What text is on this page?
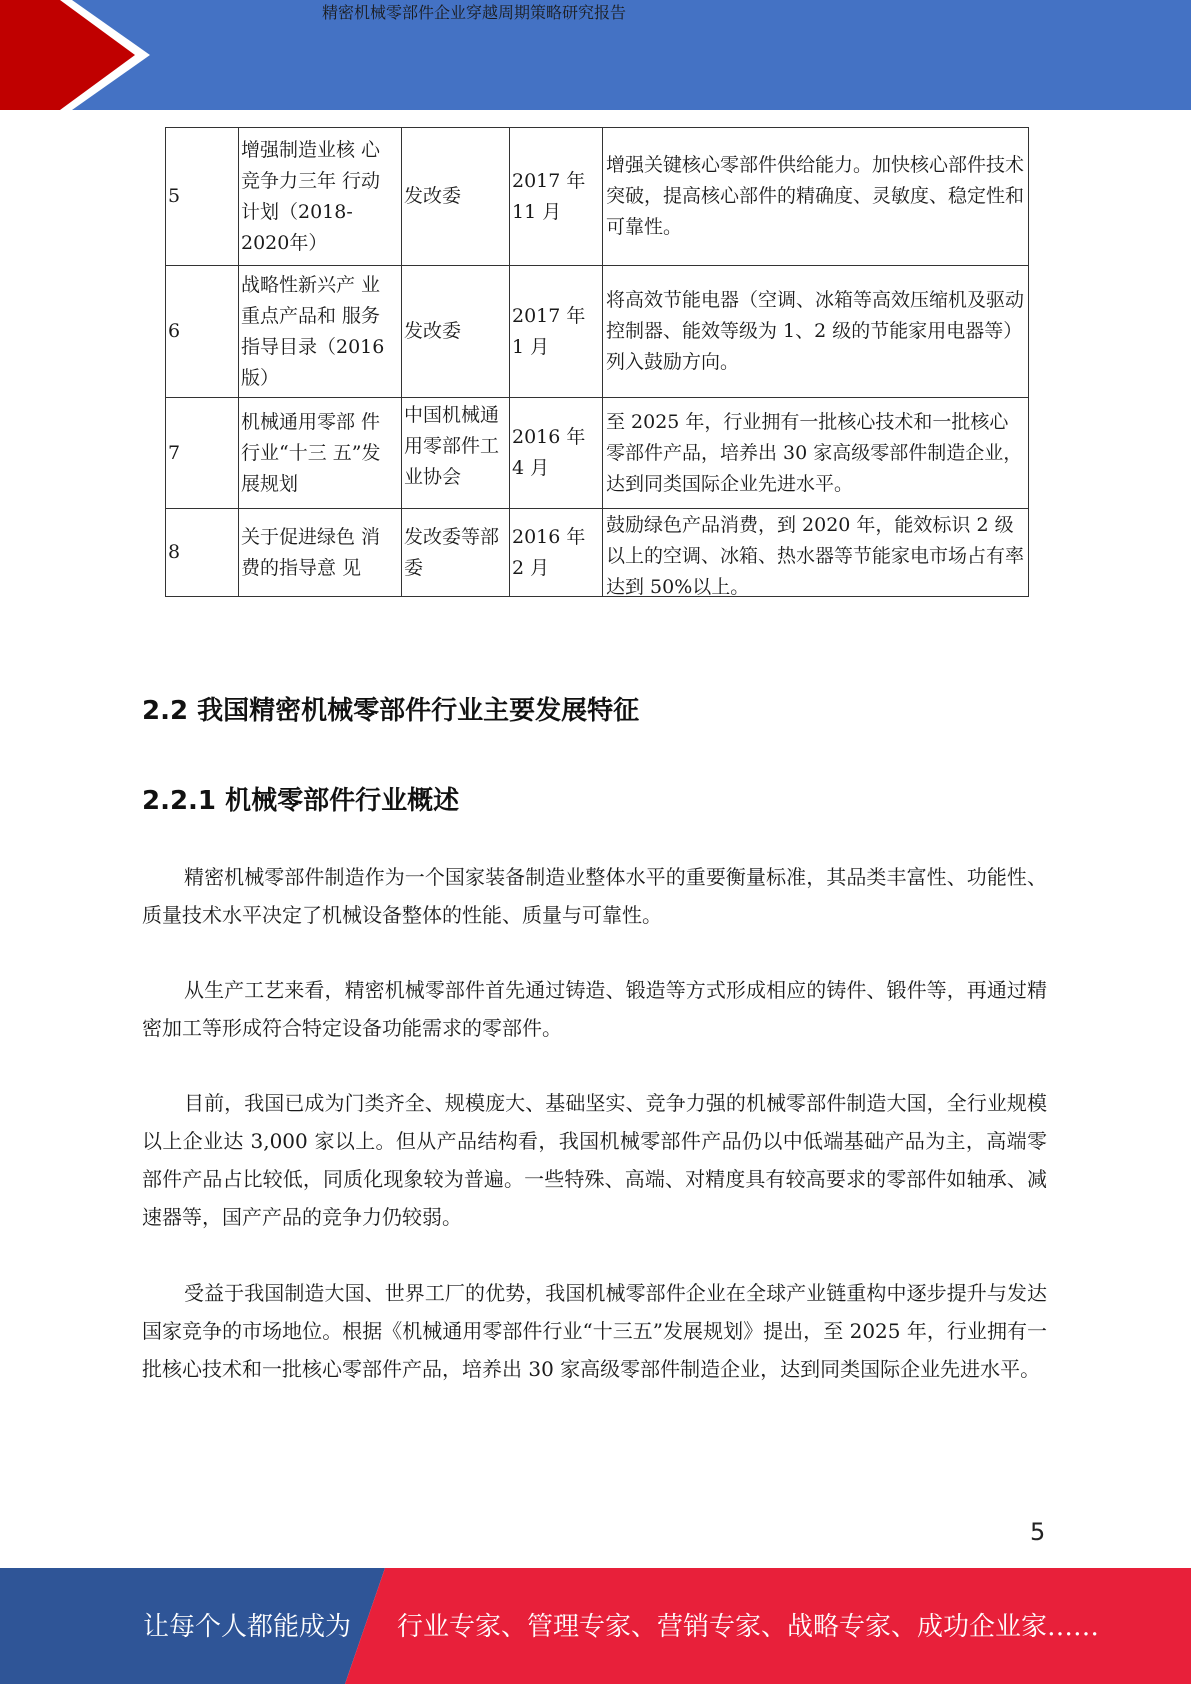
精密机械零部件企业穿越周期策略研究报告
5	增强制造业核 心竞争力三年 行动计划（2018-2020年）	发改委	2017 年 11 月	增强关键核心零部件供给能力。加快核心部件技术突破，提高核心部件的精确度、灵敏度、稳定性和可靠性。
6	战略性新兴产 业重点产品和 服务指导目录（2016版）	发改委	2017 年 1 月	将高效节能电器（空调、冰箱等高效压缩机及驱动控制器、能效等级为 1、2 级的节能家用电器等）列入鼓励方向。
7	机械通用零部 件行业“十三 五”发展规划	中国机械通用零部件工业协会	2016 年 4 月	至 2025 年，行业拥有一批核心技术和一批核心零部件产品，培养出 30 家高级零部件制造企业，达到同类国际企业先进水平。
8	关于促进绿色 消费的指导意 见	发改委等部委	2016 年 2 月	鼓励绿色产品消费，到 2020 年，能效标识 2 级以上的空调、冰箱、热水器等节能家电市场占有率达到 50%以上。
2.2 我国精密机械零部件行业主要发展特征
2.2.1 机械零部件行业概述

精密机械零部件制造作为一个国家装备制造业整体水平的重要衡量标准，其品类丰富性、功能性、质量技术水平决定了机械设备整体的性能、质量与可靠性。

从生产工艺来看，精密机械零部件首先通过铸造、锻造等方式形成相应的铸件、锻件等，再通过精密加工等形成符合特定设备功能需求的零部件。

目前，我国已成为门类齐全、规模庞大、基础坚实、竞争力强的机械零部件制造大国，全行业规模以上企业达 3,000 家以上。但从产品结构看，我国机械零部件产品仍以中低端基础产品为主，高端零部件产品占比较低，同质化现象较为普遍。一些特殊、高端、对精度具有较高要求的零部件如轴承、减速器等，国产产品的竞争力仍较弱。

受益于我国制造大国、世界工厂的优势，我国机械零部件企业在全球产业链重构中逐步提升与发达国家竞争的市场地位。根据《机械通用零部件行业“十三五”发展规划》提出，至 2025 年，行业拥有一批核心技术和一批核心零部件产品，培养出 30 家高级零部件制造企业，达到同类国际企业先进水平。

5
让每个人都能成为 行业专家、管理专家、营销专家、战略专家、成功企业家……
